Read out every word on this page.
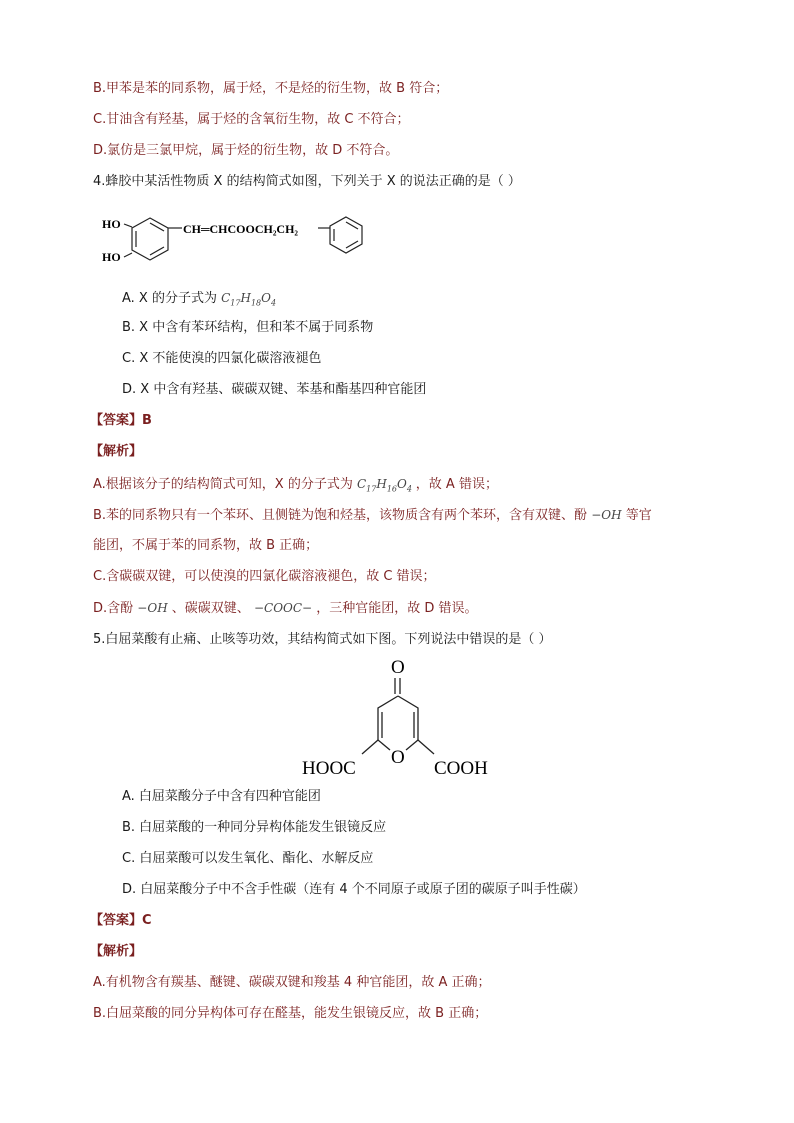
B.甲苯是苯的同系物，属于烃，不是烃的衍生物，故 B 符合；
C.甘油含有羟基，属于烃的含氧衍生物，故 C 不符合；
D.氯仿是三氯甲烷，属于烃的衍生物，故 D 不符合。
4.蜂胶中某活性物质 X 的结构简式如图，下列关于 X 的说法正确的是（ ）
HO
HO
CH═CHCOOCH₂CH₂
A. X 的分子式为 $C_{17}H_{18}O_4$
B. X 中含有苯环结构，但和苯不属于同系物
C. X 不能使溴的四氯化碳溶液褪色
D. X 中含有羟基、碳碳双键、苯基和酯基四种官能团
【答案】B
【解析】
A.根据该分子的结构简式可知，X 的分子式为 $C_{17}H_{16}O_4$ ，故 A 错误；
B.苯的同系物只有一个苯环、且侧链为饱和烃基，该物质含有两个苯环，含有双键、酚 −OH 等官
能团，不属于苯的同系物，故 B 正确；
C.含碳碳双键，可以使溴的四氯化碳溶液褪色，故 C 错误；
D.含酚 −OH 、碳碳双键、 −COOC− ，三种官能团，故 D 错误。
5.白屈菜酸有止痛、止咳等功效，其结构简式如下图。下列说法中错误的是（ ）
O
O
HOOC	COOH
A. 白屈菜酸分子中含有四种官能团
B. 白屈菜酸的一种同分异构体能发生银镜反应
C. 白屈菜酸可以发生氧化、酯化、水解反应
D. 白屈菜酸分子中不含手性碳（连有 4 个不同原子或原子团的碳原子叫手性碳）
【答案】C
【解析】
A.有机物含有羰基、醚键、碳碳双键和羧基 4 种官能团，故 A 正确；
B.白屈菜酸的同分异构体可存在醛基，能发生银镜反应，故 B 正确；
